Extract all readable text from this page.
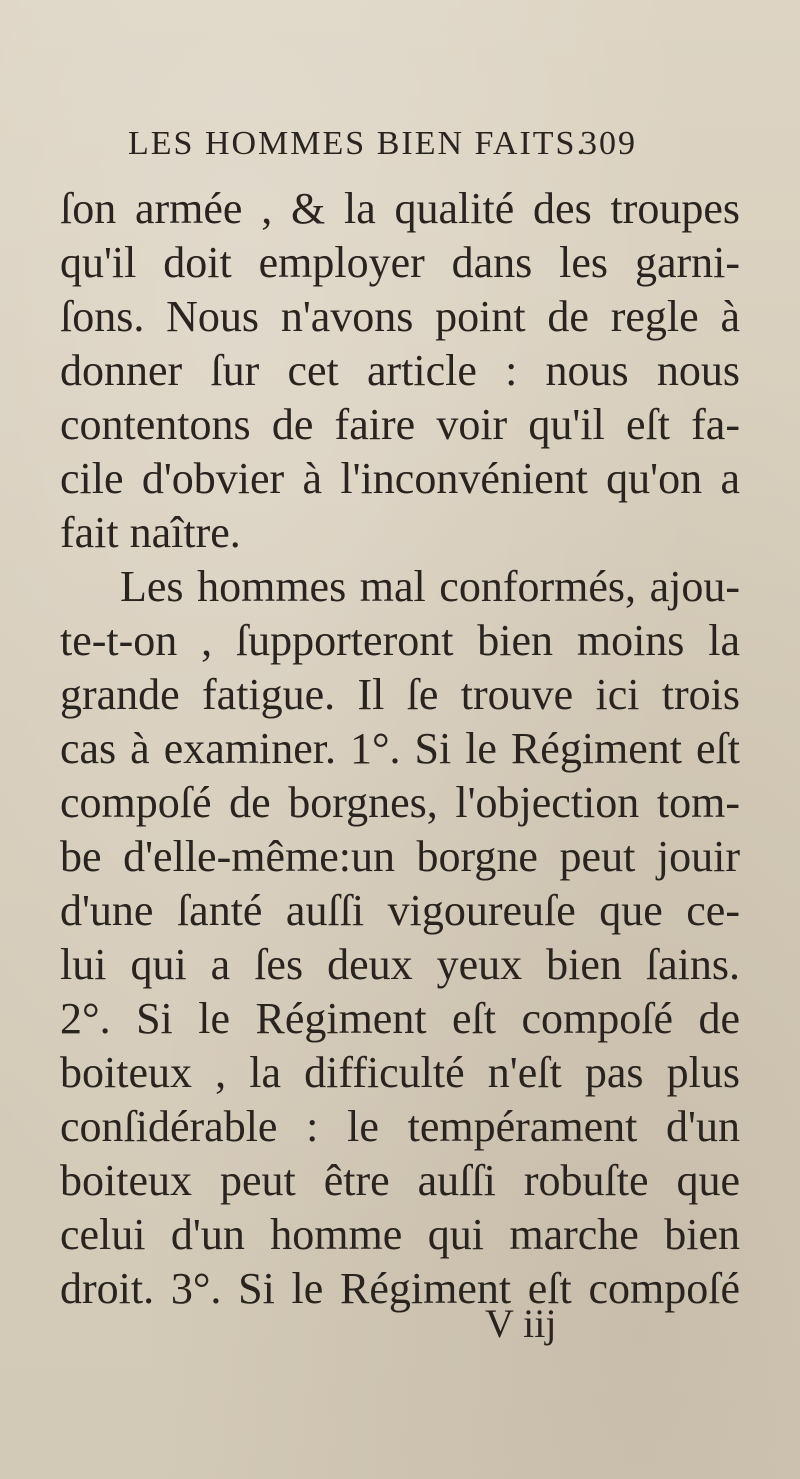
LES HOMMES BIEN FAITS.
309
ſon armée , & la qualité des troupes
qu'il doit employer dans les garni-
ſons. Nous n'avons point de regle à
donner ſur cet article : nous nous
contentons de faire voir qu'il eſt fa-
cile d'obvier à l'inconvénient qu'on a
fait naître.
Les hommes mal conformés, ajou-
te-t-on , ſupporteront bien moins la
grande fatigue. Il ſe trouve ici trois
cas à examiner. 1°. Si le Régiment eſt
compoſé de borgnes, l'objection tom-
be d'elle-même:un borgne peut jouir
d'une ſanté auſſi vigoureuſe que ce-
lui qui a ſes deux yeux bien ſains.
2°. Si le Régiment eſt compoſé de
boiteux , la difficulté n'eſt pas plus
conſidérable : le tempérament d'un
boiteux peut être auſſi robuſte que
celui d'un homme qui marche bien
droit. 3°. Si le Régiment eſt compoſé
V iij
